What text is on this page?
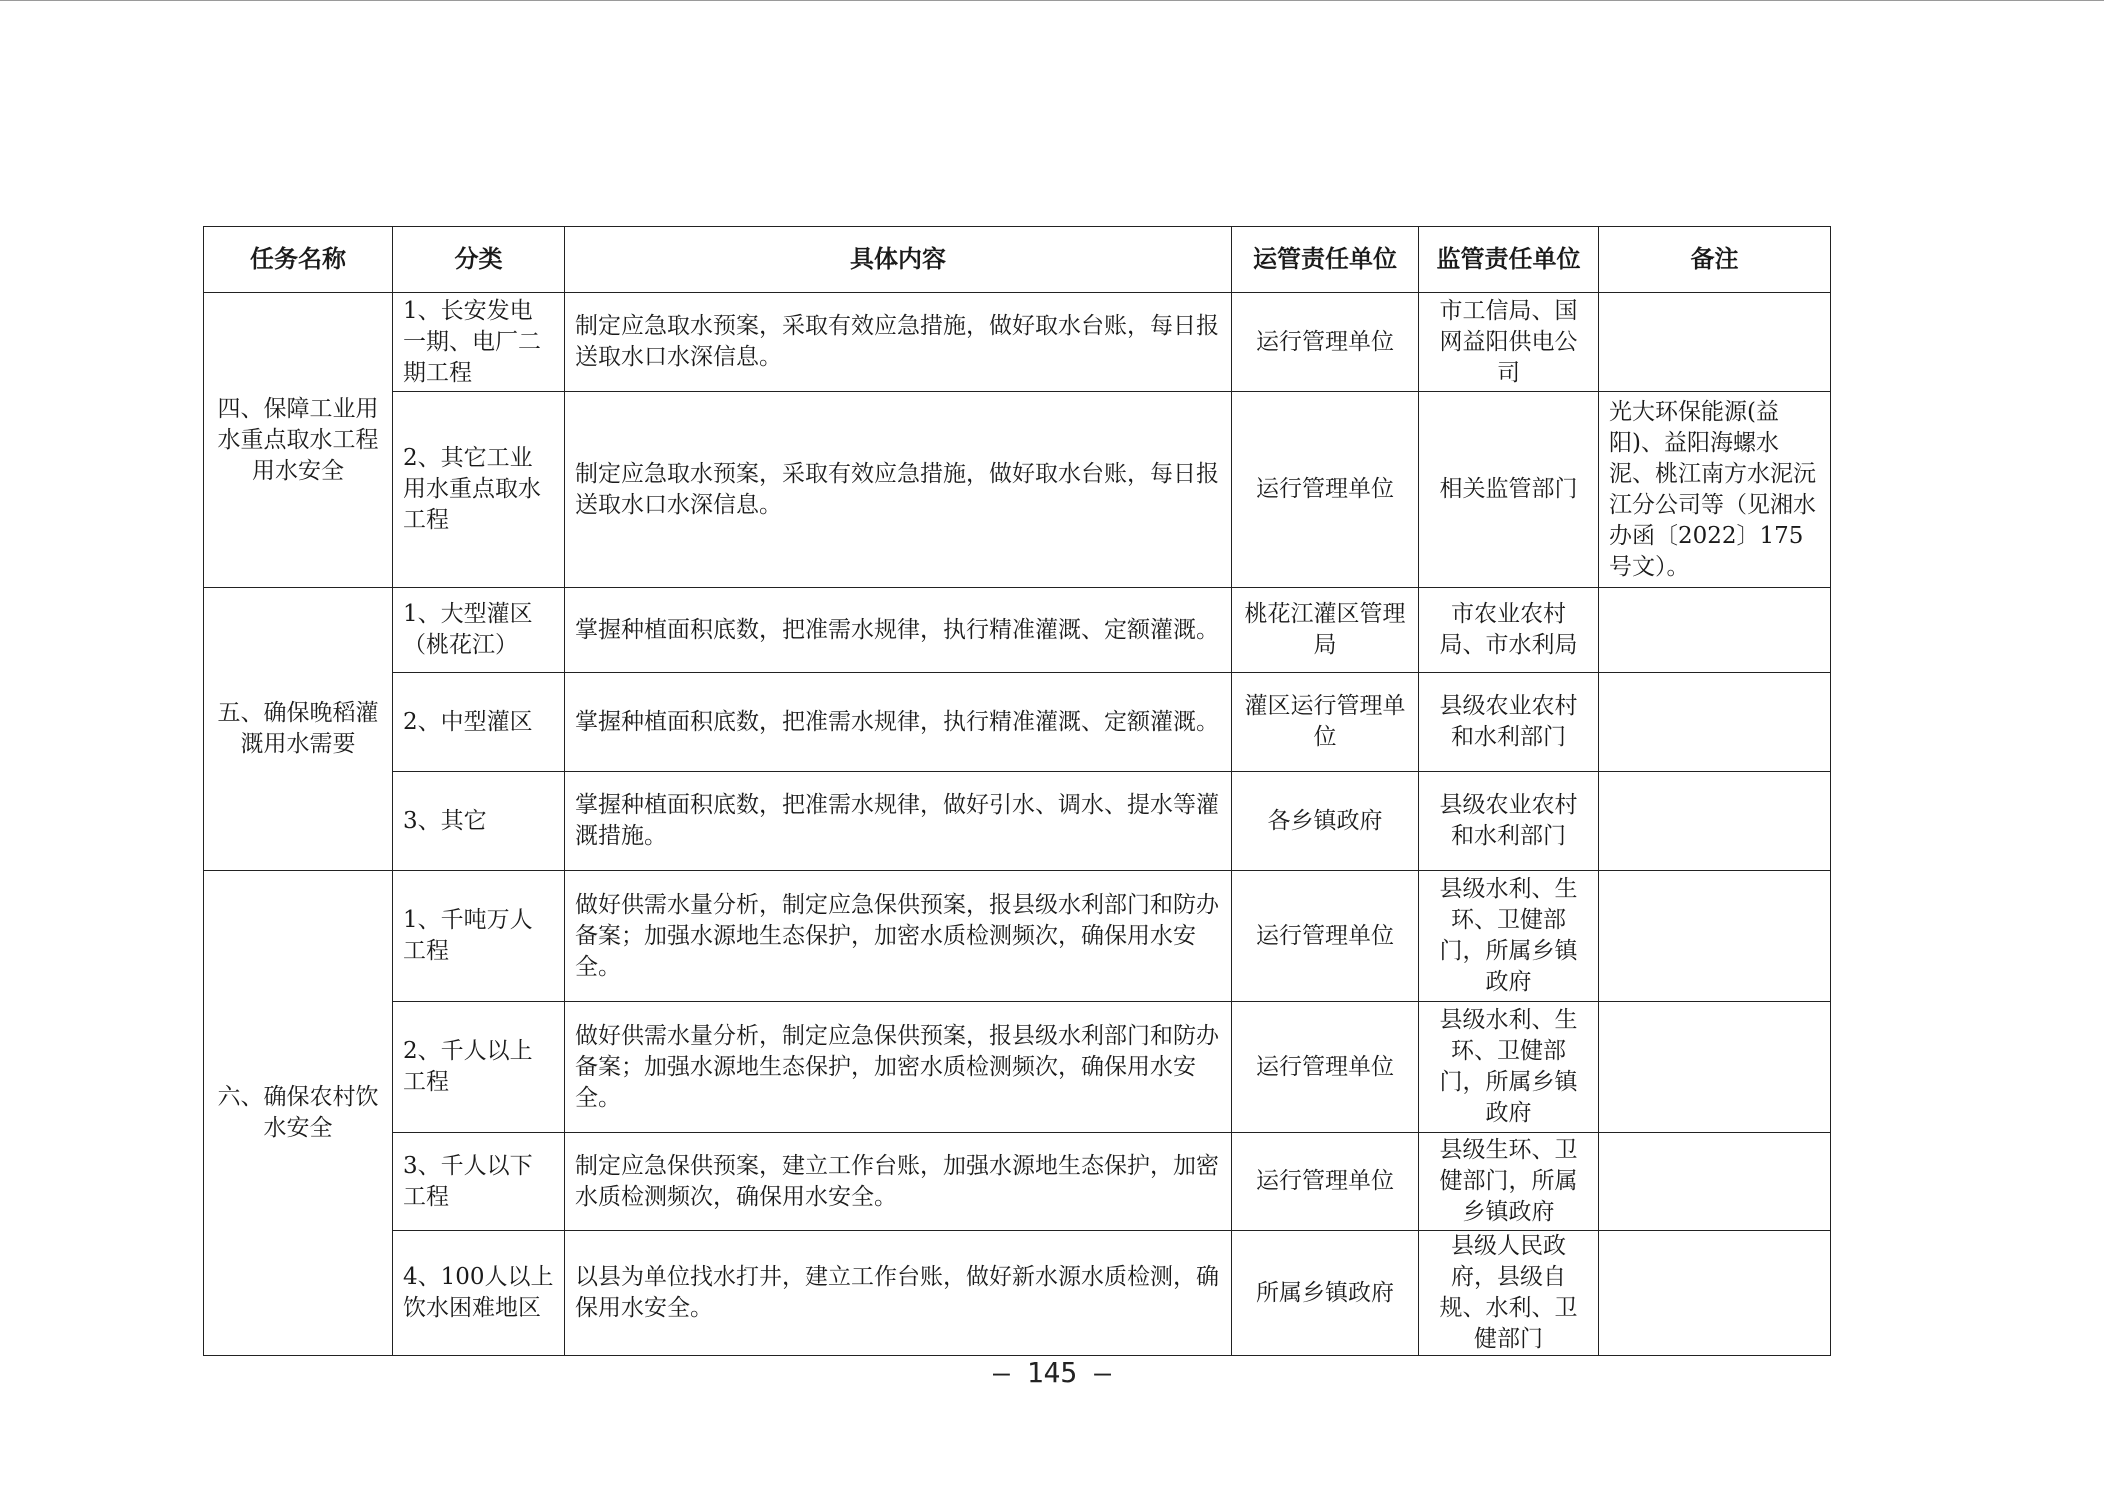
任务名称	分类	具体内容	运管责任单位	监管责任单位	备注
四、保障工业用水重点取水工程用水安全	1、长安发电一期、电厂二期工程	制定应急取水预案，采取有效应急措施，做好取水台账，每日报送取水口水深信息。	运行管理单位	市工信局、国网益阳供电公司	
	2、其它工业用水重点取水工程	制定应急取水预案，采取有效应急措施，做好取水台账，每日报送取水口水深信息。	运行管理单位	相关监管部门	光大环保能源(益阳)、益阳海螺水泥、桃江南方水泥沅江分公司等（见湘水办函〔2022〕175号文）。
五、确保晚稻灌溉用水需要	1、大型灌区（桃花江）	掌握种植面积底数，把准需水规律，执行精准灌溉、定额灌溉。	桃花江灌区管理局	市农业农村局、市水利局	
	2、中型灌区	掌握种植面积底数，把准需水规律，执行精准灌溉、定额灌溉。	灌区运行管理单位	县级农业农村和水利部门	
	3、其它	掌握种植面积底数，把准需水规律，做好引水、调水、提水等灌溉措施。	各乡镇政府	县级农业农村和水利部门	
六、确保农村饮水安全	1、千吨万人工程	做好供需水量分析，制定应急保供预案，报县级水利部门和防办备案；加强水源地生态保护，加密水质检测频次，确保用水安全。	运行管理单位	县级水利、生环、卫健部门，所属乡镇政府	
	2、千人以上工程	做好供需水量分析，制定应急保供预案，报县级水利部门和防办备案；加强水源地生态保护，加密水质检测频次，确保用水安全。	运行管理单位	县级水利、生环、卫健部门，所属乡镇政府	
	3、千人以下工程	制定应急保供预案，建立工作台账，加强水源地生态保护，加密水质检测频次，确保用水安全。	运行管理单位	县级生环、卫健部门，所属乡镇政府	
	4、100人以上饮水困难地区	以县为单位找水打井，建立工作台账，做好新水源水质检测，确保用水安全。	所属乡镇政府	县级人民政府，县级自规、水利、卫健部门	
– 145 –
